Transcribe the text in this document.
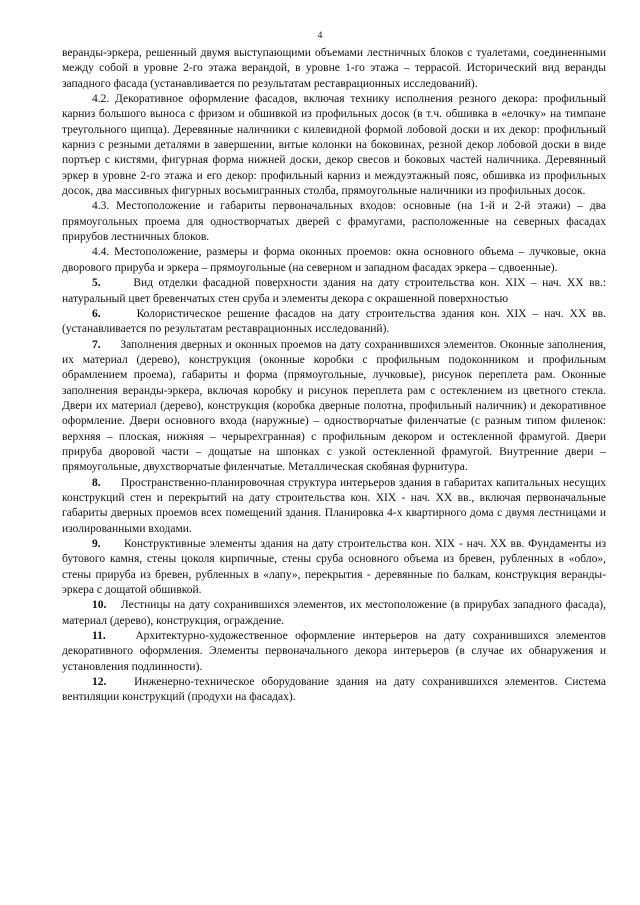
4

веранды-эркера, решенный двумя выступающими объемами лестничных блоков с туалетами, соединенными между собой в уровне 2-го этажа верандой, в уровне 1-го этажа – террасой. Исторический вид веранды западного фасада (устанавливается по результатам реставрационных исследований).

4.2. Декоративное оформление фасадов, включая технику исполнения резного декора: профильный карниз большого выноса с фризом и обшивкой из профильных досок (в т.ч. обшивка в «елочку» на тимпане треугольного щипца). Деревянные наличники с килевидной формой лобовой доски и их декор: профильный карниз с резными деталями в завершении, витые колонки на боковинах, резной декор лобовой доски в виде портьер с кистями, фигурная форма нижней доски, декор свесов и боковых частей наличника. Деревянный эркер в уровне 2-го этажа и его декор: профильный карниз и междуэтажный пояс, обшивка из профильных досок, два массивных фигурных восьмигранных столба, прямоугольные наличники из профильных досок.

4.3. Местоположение и габариты первоначальных входов: основные (на 1-й и 2-й этажи) – два прямоугольных проема для одностворчатых дверей с фрамугами, расположенные на северных фасадах прирубов лестничных блоков.

4.4. Местоположение, размеры и форма оконных проемов: окна основного объема – лучковые, окна дворового прируба и эркера – прямоугольные (на северном и западном фасадах эркера – сдвоенные).

5.	Вид отделки фасадной поверхности здания на дату строительства кон. XIX – нач. XX вв.: натуральный цвет бревенчатых стен сруба и элементы декора с окрашенной поверхностью

6.	Колористическое решение фасадов на дату строительства здания кон. XIX – нач. XX вв. (устанавливается по результатам реставрационных исследований).

7. Заполнения дверных и оконных проемов на дату сохранившихся элементов. Оконные заполнения, их материал (дерево), конструкция (оконные коробки с профильным подоконником и профильным обрамлением проема), габариты и форма (прямоугольные, лучковые), рисунок переплета рам. Оконные заполнения веранды-эркера, включая коробку и рисунок переплета рам с остеклением из цветного стекла. Двери их материал (дерево), конструкция (коробка дверные полотна, профильный наличник) и декоративное оформление. Двери основного входа (наружные) – одностворчатые филенчатые (с разным типом филенок: верхняя – плоская, нижняя – черырехгранная) с профильным декором и остекленной фрамугой. Двери прируба дворовой части – дощатые на шпонках с узкой остекленной фрамугой. Внутренние двери – прямоугольные, двухстворчатые филенчатые. Металлическая скобяная фурнитура.

8. Пространственно-планировочная структура интерьеров здания в габаритах капитальных несущих конструкций стен и перекрытий на дату строительства кон. XIX - нач. XX вв., включая первоначальные габариты дверных проемов всех помещений здания. Планировка 4-х квартирного дома с двумя лестницами и изолированными входами.

9. Конструктивные элементы здания на дату строительства кон. XIX - нач. XX вв. Фундаменты из бутового камня, стены цоколя кирпичные, стены сруба основного объема из бревен, рубленных в «обло», стены прируба из бревен, рубленных в «лапу», перекрытия - деревянные по балкам, конструкция веранды-эркера с дощатой обшивкой.

10. Лестницы на дату сохранившихся элементов, их местоположение (в прирубах западного фасада), материал (дерево), конструкция, ограждение.

11.	Архитектурно-художественное оформление интерьеров на дату сохранившихся элементов декоративного оформления. Элементы первоначального декора интерьеров (в случае их обнаружения и установления подлинности).

12. Инженерно-техническое оборудование здания на дату сохранившихся элементов. Система вентиляции конструкций (продухи на фасадах).
